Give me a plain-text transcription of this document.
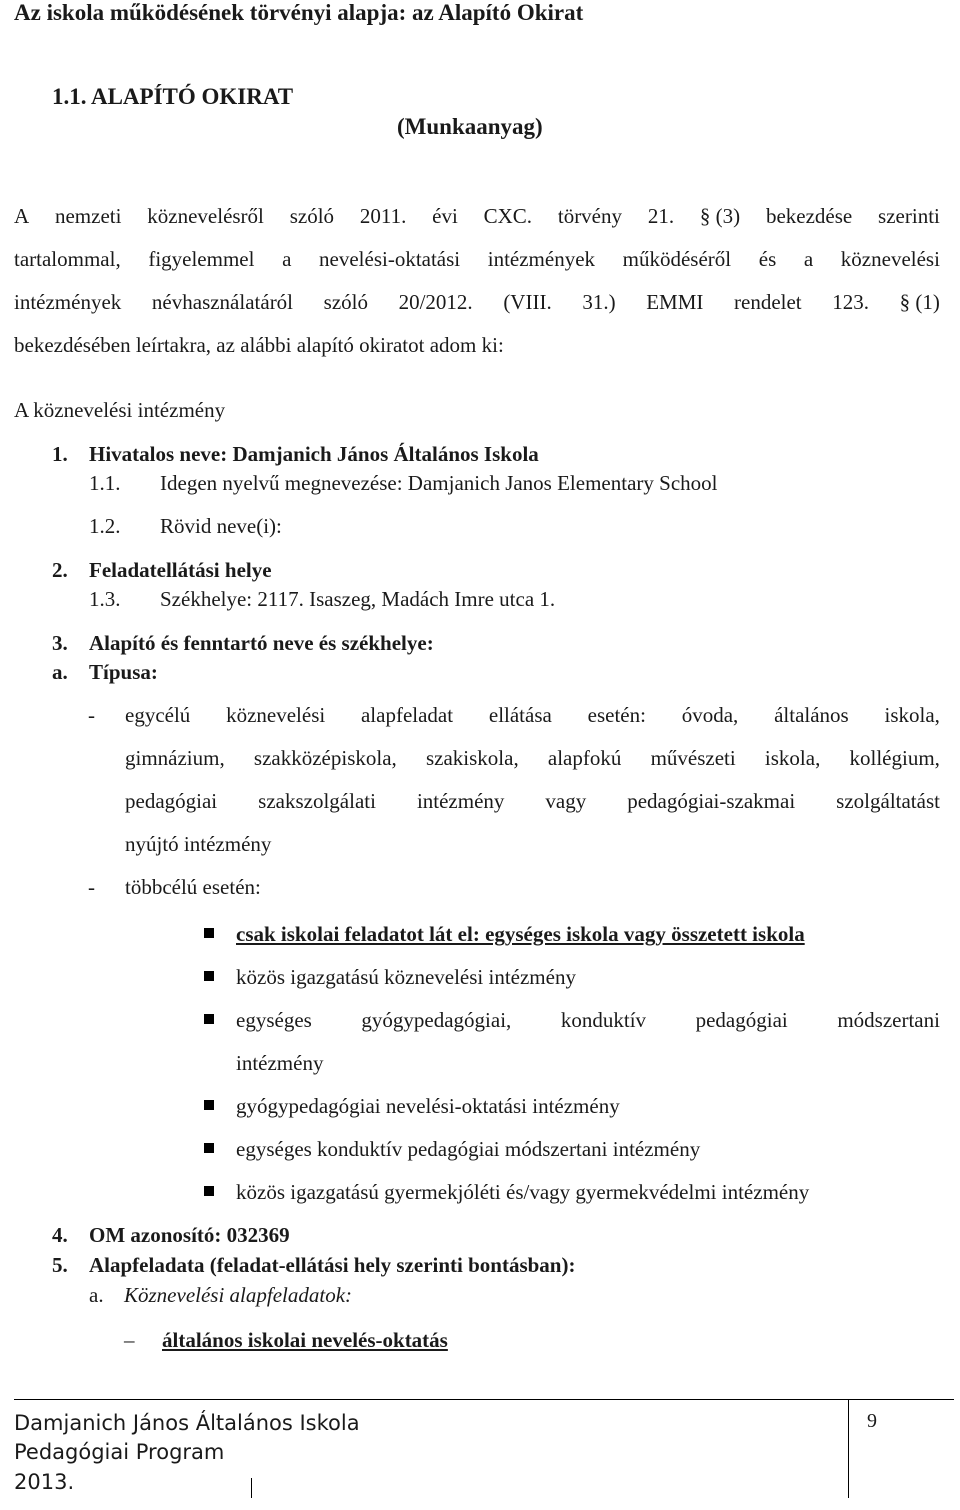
Az iskola működésének törvényi alapja: az Alapító Okirat
1.1. ALAPÍTÓ OKIRAT
(Munkaanyag)
A nemzeti köznevelésről szóló 2011. évi CXC. törvény 21. § (3) bekezdése szerinti
tartalommal, figyelemmel a nevelési-oktatási intézmények működéséről és a köznevelési
intézmények névhasználatáról szóló 20/2012. (VIII. 31.) EMMI rendelet 123. § (1)
bekezdésében leírtakra, az alábbi alapító okiratot adom ki:
A köznevelési intézmény
1. Hivatalos neve: Damjanich János Általános Iskola
1.1. Idegen nyelvű megnevezése: Damjanich Janos Elementary School
1.2. Rövid neve(i):
2. Feladatellátási helye
1.3. Székhelye: 2117. Isaszeg, Madách Imre utca 1.
3. Alapító és fenntartó neve és székhelye:
a. Típusa:
- egycélú köznevelési alapfeladat ellátása esetén: óvoda, általános iskola,
gimnázium, szakközépiskola, szakiskola, alapfokú művészeti iskola, kollégium,
pedagógiai szakszolgálati intézmény vagy pedagógiai-szakmai szolgáltatást
nyújtó intézmény
- többcélú esetén:
csak iskolai feladatot lát el: egységes iskola vagy összetett iskola
közös igazgatású köznevelési intézmény
egységes gyógypedagógiai, konduktív pedagógiai módszertani
intézmény
gyógypedagógiai nevelési-oktatási intézmény
egységes konduktív pedagógiai módszertani intézmény
közös igazgatású gyermekjóléti és/vagy gyermekvédelmi intézmény
4. OM azonosító: 032369
5. Alapfeladata (feladat-ellátási hely szerinti bontásban):
a. Köznevelési alapfeladatok:
– általános iskolai nevelés-oktatás
Damjanich János Általános Iskola
Pedagógiai Program
2013.
9
